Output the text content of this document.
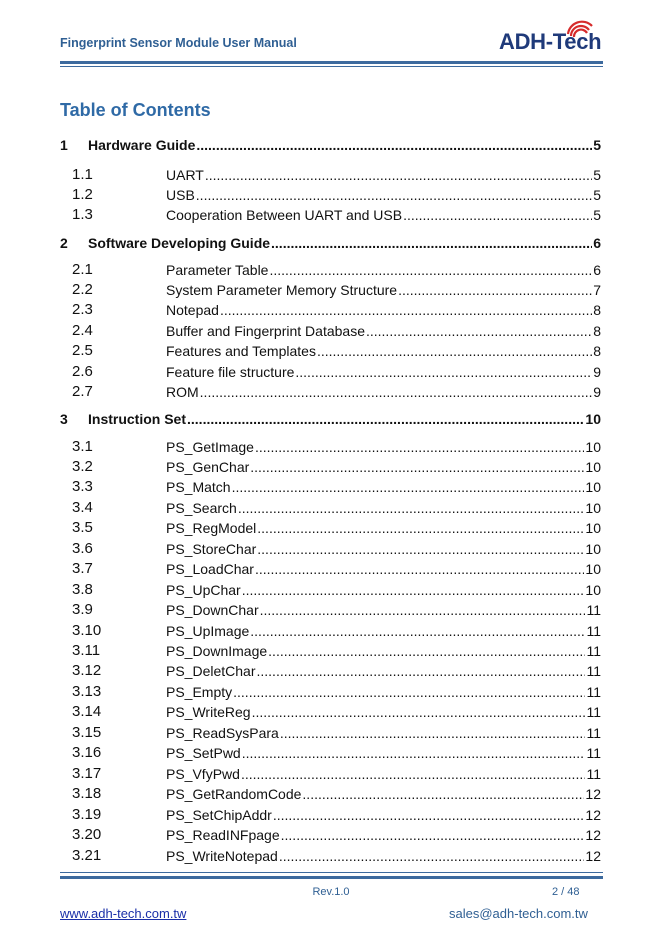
Fingerprint Sensor Module User Manual	ADH-Tech
Table of Contents
1 Hardware Guide .....	5
1.1	UART .....	5
1.2	USB .....	5
1.3	Cooperation Between UART and USB .....	5
2 Software Developing Guide .....	6
2.1	Parameter Table .....	6
2.2	System Parameter Memory Structure .....	7
2.3	Notepad .....	8
2.4	Buffer and Fingerprint Database .....	8
2.5	Features and Templates .....	8
2.6	Feature file structure .....	9
2.7	ROM .....	9
3 Instruction Set .....	10
3.1	PS_GetImage .....	10
3.2	PS_GenChar .....	10
3.3	PS_Match .....	10
3.4	PS_Search .....	10
3.5	PS_RegModel .....	10
3.6	PS_StoreChar .....	10
3.7	PS_LoadChar .....	10
3.8	PS_UpChar .....	10
3.9	PS_DownChar .....	11
3.10	PS_UpImage .....	11
3.11	PS_DownImage .....	11
3.12	PS_DeletChar .....	11
3.13	PS_Empty .....	11
3.14	PS_WriteReg .....	11
3.15	PS_ReadSysPara .....	11
3.16	PS_SetPwd .....	11
3.17	PS_VfyPwd .....	11
3.18	PS_GetRandomCode .....	12
3.19	PS_SetChipAddr .....	12
3.20	PS_ReadINFpage .....	12
3.21	PS_WriteNotepad .....	12
Rev.1.0	2 / 48
www.adh-tech.com.tw	sales@adh-tech.com.tw
